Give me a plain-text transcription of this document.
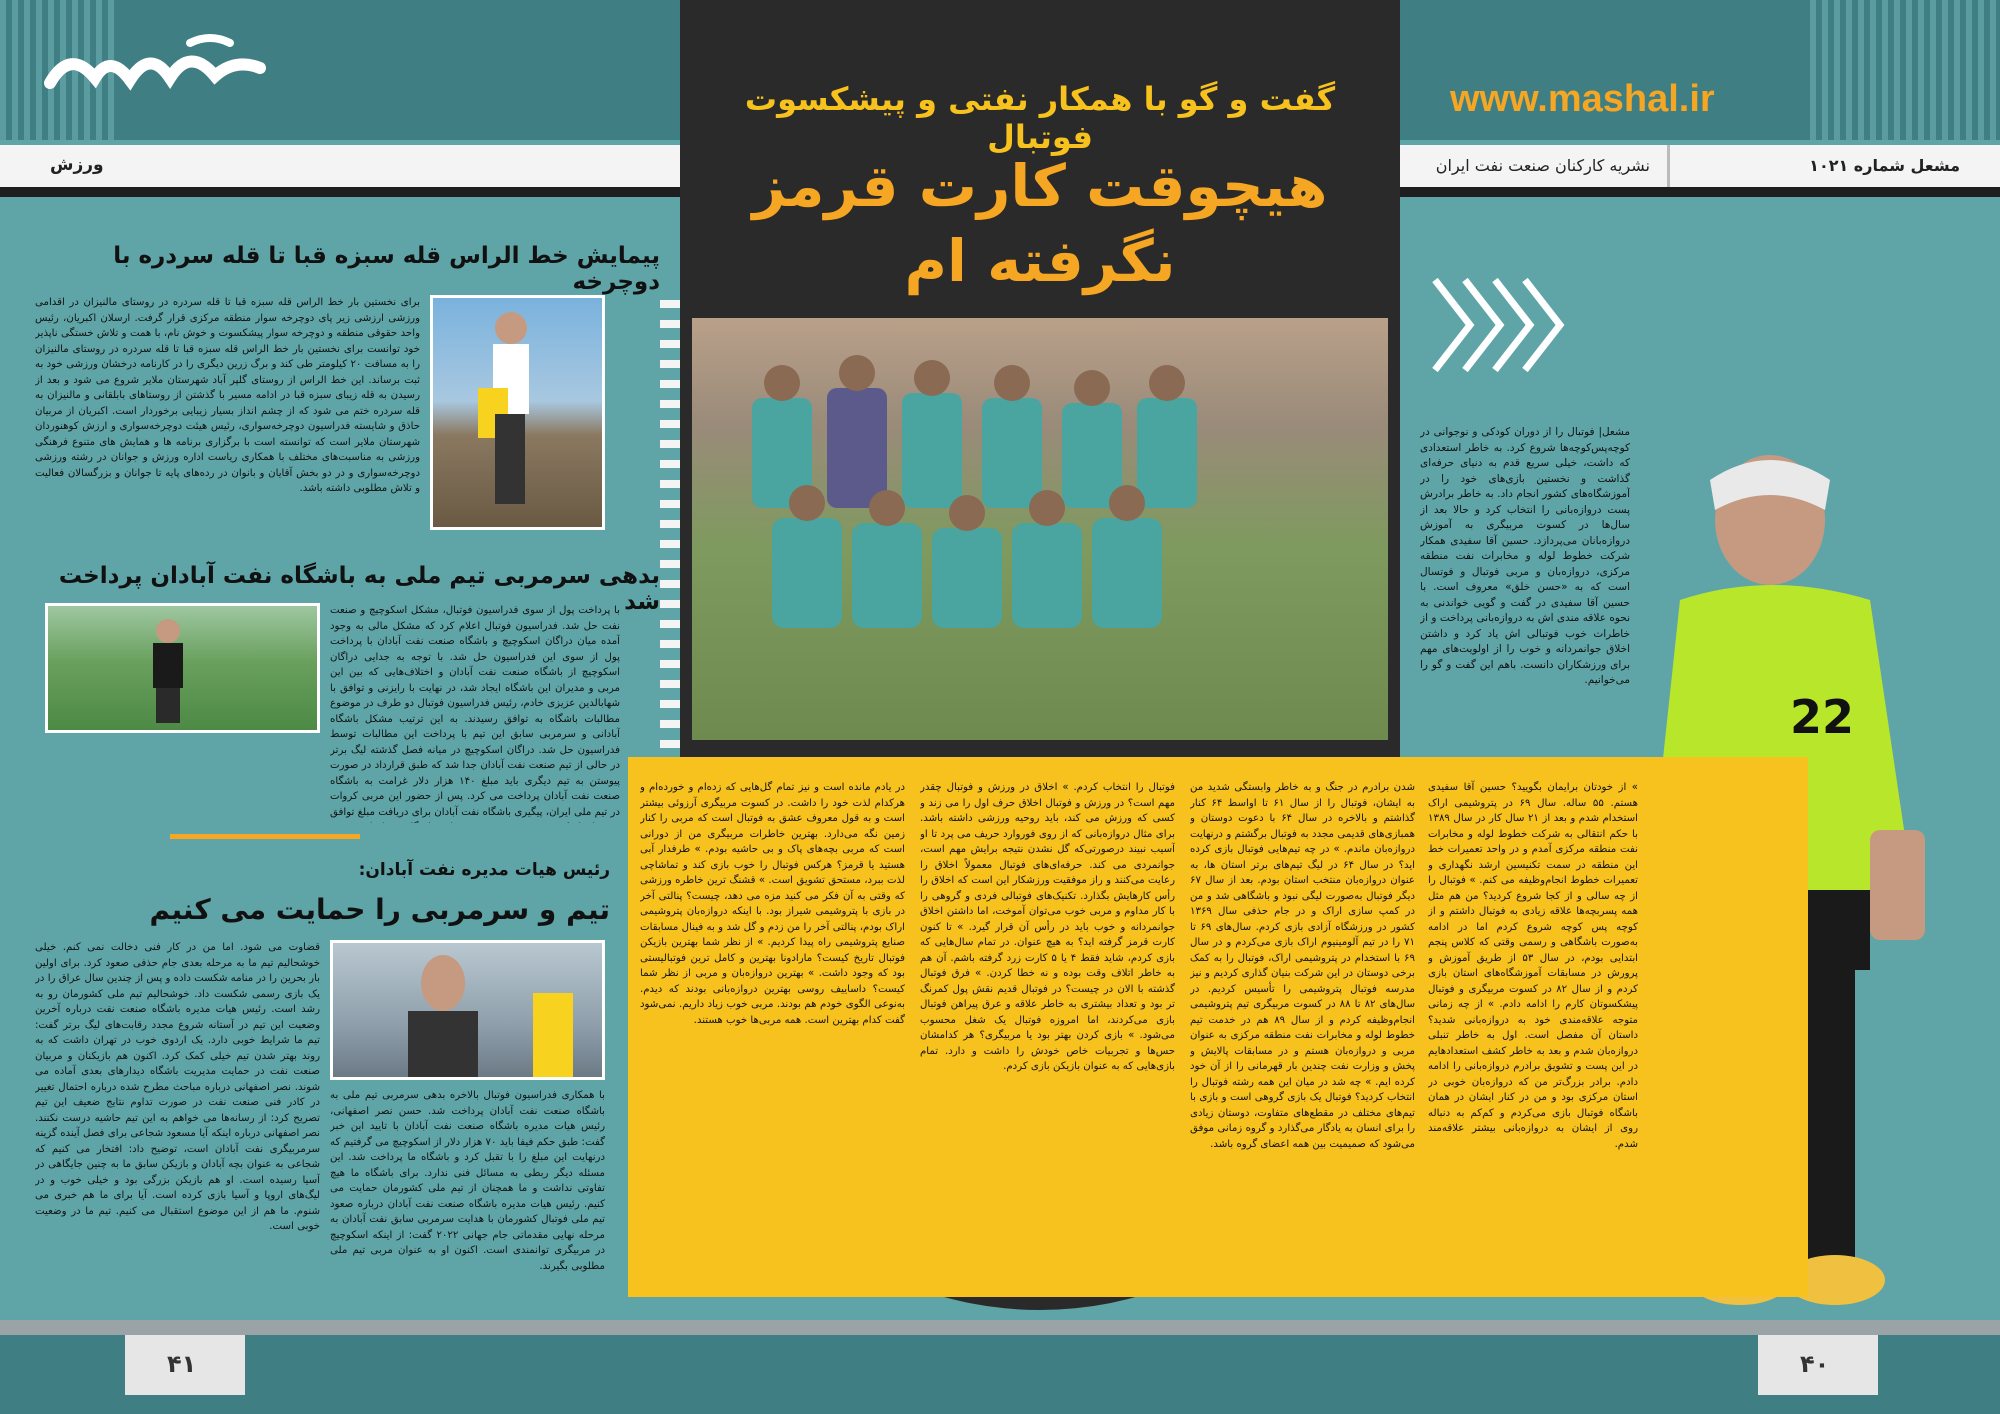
ورزش	مشعل شماره ۱۰۲۱
نشریه کارکنان صنعت نفت ایران
www.mashal.ir
گفت و گو با همکار نفتی و پیشکسوت فوتبال
هیچوقت کارت قرمز
نگرفته ام
مشعل| فوتبال را از دوران کودکی و نوجوانی در کوچه‌پس‌کوچه‌ها شروع کرد. به خاطر استعدادی که داشت، خیلی سریع قدم به دنیای حرفه‌ای گذاشت و نخستین بازی‌های خود را در آموزشگاه‌های کشور انجام داد. به خاطر برادرش پست دروازه‌بانی را انتخاب کرد و حالا بعد از سال‌ها در کسوت مربیگری به آموزش دروازه‌بانان می‌پردازد. حسین آقا سفیدی همکار شرکت خطوط لوله و مخابرات نفت منطقه مرکزی، دروازه‌بان و مربی فوتبال و فوتسال است که به «حسن خلق» معروف است. با حسین آقا سفیدی در گفت و گویی خواندنی به نحوه علاقه مندی اش به دروازه‌بانی پرداخت و از خاطرات خوب فوتبالی اش یاد کرد و داشتن اخلاق جوانمردانه و خوب را از اولویت‌های مهم برای ورزشکاران دانست. باهم این گفت و گو را می‌خوانیم.
22
» از خودتان برایمان بگویید؟ حسین آقا سفیدی هستم. ۵۵ ساله. سال ۶۹ در پتروشیمی اراک استخدام شدم و بعد از ۲۱ سال کار در سال ۱۳۸۹ با حکم انتقالی به شرکت خطوط لوله و مخابرات نفت منطقه مرکزی آمدم و در واحد تعمیرات خط این منطقه در سمت تکنیسین ارشد نگهداری و تعمیرات خطوط انجام‌وظیفه می کنم. » فوتبال را از چه سالی و از کجا شروع کردید؟ من هم مثل همه پسربچه‌ها علاقه زیادی به فوتبال داشتم و از کوچه پس کوچه شروع کردم اما در ادامه به‌صورت باشگاهی و رسمی وقتی که کلاس پنجم ابتدایی بودم، در سال ۵۳ از طریق آموزش و پرورش در مسابقات آموزشگاه‌های استان بازی کردم و از سال ۸۲ در کسوت مربیگری و فوتبال پیشکسوتان کارم را ادامه دادم. » از چه زمانی متوجه علاقه‌مندی خود به دروازه‌بانی شدید؟ داستان آن مفصل است. اول به خاطر تنبلی دروازه‌بان شدم و بعد به خاطر کشف استعدادهایم در این پست و تشویق برادرم دروازه‌بانی را ادامه دادم. برادر بزرگ‌تر من که دروازه‌بان خوبی در استان مرکزی بود و من در کنار ایشان در همان باشگاه فوتبال بازی می‌کردم و کم‌کم به دنباله روی از ایشان به دروازه‌بانی بیشتر علاقه‌مند شدم.
شدن برادرم در جنگ و به خاطر وابستگی شدید من به ایشان، فوتبال را از سال ۶۱ تا اواسط ۶۴ کنار گذاشتم و بالاخره در سال ۶۴ با دعوت دوستان و همبازی‌های قدیمی مجدد به فوتبال برگشتم و درنهایت دروازه‌بان ماندم. » در چه تیم‌هایی فوتبال بازی کرده اید؟ در سال ۶۴ در لیگ تیم‌های برتر استان ها، به عنوان دروازه‌بان منتخب استان بودم. بعد از سال ۶۷ دیگر فوتبال به‌صورت لیگی نبود و باشگاهی شد و من در کمپ سازی اراک و در جام حذفی سال ۱۳۶۹ کشور در ورزشگاه آزادی بازی کردم. سال‌های ۶۹ تا ۷۱ را در تیم آلومینیوم اراک بازی می‌کردم و در سال ۶۹ با استخدام در پتروشیمی اراک، فوتبال را به کمک برخی دوستان در این شرکت بنیان گذاری کردیم و نیز مدرسه فوتبال پتروشیمی را تأسیس کردیم. در سال‌های ۸۲ تا ۸۸ در کسوت مربیگری تیم پتروشیمی انجام‌وظیفه کردم و از سال ۸۹ هم در خدمت تیم خطوط لوله و مخابرات نفت منطقه مرکزی به عنوان مربی و دروازه‌بان هستم و در مسابقات پالایش و پخش و وزارت نفت چندین بار قهرمانی را از آن خود کرده ایم. » چه شد در میان این همه رشته فوتبال را انتخاب کردید؟ فوتبال یک بازی گروهی است و بازی با تیم‌های مختلف در مقطع‌های متفاوت، دوستان زیادی را برای انسان به یادگار می‌گذارد و گروه زمانی موفق می‌شود که صمیمیت بین همه اعضای گروه باشد.
فوتبال را انتخاب کردم. » اخلاق در ورزش و فوتبال چقدر مهم است؟ در ورزش و فوتبال اخلاق حرف اول را می زند و کسی که ورزش می کند، باید روحیه ورزشی داشته باشد. برای مثال دروازه‌بانی که از روی فوروارد حریف می پرد تا او آسیب نبیند درصورتی‌که گل نشدن نتیجه برایش مهم است، جوانمردی می کند. حرفه‌ای‌های فوتبال معمولاً اخلاق را رعایت می‌کنند و راز موفقیت ورزشکار این است که اخلاق را رأس کارهایش بگذارد. تکنیک‌های فوتبالی فردی و گروهی را با کار مداوم و مربی خوب می‌توان آموخت، اما داشتن اخلاق جوانمردانه و خوب باید در رأس آن قرار گیرد. » تا کنون کارت قرمز گرفته اید؟ به هیچ عنوان. در تمام سال‌هایی که بازی کردم، شاید فقط ۴ یا ۵ کارت زرد گرفته باشم. آن هم به خاطر اتلاف وقت بوده و نه خطا کردن. » فرق فوتبال گذشته با الان در چیست؟ در فوتبال قدیم نقش پول کمرنگ تر بود و تعداد بیشتری به خاطر علاقه و عرق پیراهن فوتبال بازی می‌کردند، اما امروزه فوتبال یک شغل محسوب می‌شود. » بازی کردن بهتر بود یا مربیگری؟ هر کدامشان حس‌ها و تجربیات خاص خودش را داشت و دارد. تمام بازی‌هایی که به عنوان بازیکن بازی کردم.
در یادم مانده است و نیز تمام گل‌هایی که زده‌ام و خورده‌ام و هرکدام لذت خود را داشت. در کسوت مربیگری آرزوئی بیشتر است و به قول معروف عشق به فوتبال است که مربی را کنار زمین نگه می‌دارد. بهترین خاطرات مربیگری من از دورانی است که مربی بچه‌های پاک و بی حاشیه بودم. » طرفدار آبی هستید یا قرمز؟ هرکس فوتبال را خوب بازی کند و تماشاچی لذت ببرد، مستحق تشویق است. » قشنگ ترین خاطره ورزشی که وقتی به آن فکر می کنید مزه می دهد، چیست؟ پنالتی آخر در بازی با پتروشیمی شیراز بود. با اینکه دروازه‌بان پتروشیمی اراک بودم، پنالتی آخر را من زدم و گل شد و به فینال مسابقات صنایع پتروشیمی راه پیدا کردیم. » از نظر شما بهترین بازیکن فوتبال تاریخ کیست؟ مارادونا بهترین و کامل ترین فوتبالیستی بود که وجود داشت. » بهترین دروازه‌بان و مربی از نظر شما کیست؟ داساییف روسی بهترین دروازه‌بانی بودند که دیدم. به‌نوعی الگوی خودم هم بودند. مربی خوب زیاد داریم. نمی‌شود گفت کدام بهترین است. همه مربی‌ها خوب هستند.
پیمایش خط الراس قله سبزه قبا تا قله سردره با دوچرخه
برای نخستین بار خط الراس قله سبزه قبا تا قله سردره در روستای مالنیزان در اقدامی ورزشی ارزشی زیر پای دوچرخه سوار منطقه مرکزی قرار گرفت. ارسلان اکبریان، رئیس واحد حقوقی منطقه و دوچرخه سوار پیشکسوت و خوش نام، با همت و تلاش خستگی ناپذیر خود توانست برای نخستین بار خط الراس قله سبزه قبا تا قله سردره در روستای مالنیزان را به مسافت ۲۰ کیلومتر طی کند و برگ زرین دیگری را در کارنامه درخشان ورزشی خود به ثبت برساند. این خط الراس از روستای گلپر آباد شهرستان ملایر شروع می شود و بعد از رسیدن به قله زیبای سبزه قبا در ادامه مسیر با گذشتن از روستاهای بابلقانی و مالنیزان به قله سردره ختم می شود که از چشم انداز بسیار زیبایی برخوردار است. اکبریان از مربیان حاذق و شایسته فدراسیون دوچرخه‌سواری، رئیس هیئت دوچرخه‌سواری و ارزش کوهنوردان شهرستان ملایر است که توانسته است با برگزاری برنامه ها و همایش های متنوع فرهنگی ورزشی به مناسبت‌های مختلف با همکاری ریاست اداره ورزش و جوانان در رشته ورزشی دوچرخه‌سواری و در دو بخش آقایان و بانوان در رده‌های پایه تا جوانان و بزرگسالان فعالیت و تلاش مطلوبی داشته باشد.
بدهی سرمربی تیم ملی به باشگاه نفت آبادان پرداخت شد
با پرداخت پول از سوی فدراسیون فوتبال، مشکل اسکوچیچ و صنعت نفت حل شد. فدراسیون فوتبال اعلام کرد که مشکل مالی به وجود آمده میان دراگان اسکوچیچ و باشگاه صنعت نفت آبادان با پرداخت پول از سوی این فدراسیون حل شد. با توجه به جدایی دراگان اسکوچیچ از باشگاه صنعت نفت آبادان و اختلاف‌هایی که بین این مربی و مدیران این باشگاه ایجاد شد، در نهایت با رایزنی و توافق با شهابالدین عزیزی خادم، رئیس فدراسیون فوتبال دو طرف در موضوع مطالبات باشگاه به توافق رسیدند. به این ترتیب مشکل باشگاه آبادانی و سرمربی سابق این تیم با پرداخت این مطالبات توسط فدراسیون حل شد. دراگان اسکوچیچ در میانه فصل گذشته لیگ برتر در حالی از تیم صنعت نفت آبادان جدا شد که طبق قرارداد در صورت پیوستن به تیم دیگری باید مبلغ ۱۴۰ هزار دلار غرامت به باشگاه صنعت نفت آبادان پرداخت می کرد. پس از حضور این مربی کروات در تیم ملی ایران، پیگیری باشگاه نفت آبادان برای دریافت مبلغ توافق
رئیس هیات مدیره نفت آبادان:
تیم و سرمربی را حمایت می کنیم
قضاوت می شود. اما من در کار فنی دخالت نمی کنم. خیلی خوشحالیم تیم ما به مرحله بعدی جام حذفی صعود کرد. برای اولین بار بحرین را در منامه شکست داده و پس از چندین سال عراق را در یک بازی رسمی شکست داد. خوشحالیم تیم ملی کشورمان رو به رشد است. رئیس هیات مدیره باشگاه صنعت نفت درباره آخرین وضعیت این تیم در آستانه شروع مجدد رقابت‌های لیگ برتر گفت: تیم ما شرایط خوبی دارد. یک اردوی خوب در تهران داشت که به روند بهتر شدن تیم خیلی کمک کرد. اکنون هم بازیکنان و مربیان صنعت نفت در حمایت مدیریت باشگاه دیدارهای بعدی آماده می شوند. نصر اصفهانی درباره مباحث مطرح شده درباره احتمال تغییر در کادر فنی صنعت نفت در صورت تداوم نتایج ضعیف این تیم تصریح کرد: از رسانه‌ها می خواهم به این تیم حاشیه درست نکنند. نصر اصفهانی درباره اینکه آیا مسعود شجاعی برای فصل آینده گزینه سرمربیگری نفت آبادان است، توضیح داد: افتخار می کنیم که شجاعی به عنوان بچه آبادان و بازیکن سابق ما به چنین جایگاهی در آسیا رسیده است. او هم بازیکن بزرگی بود و خیلی خوب و در لیگ‌های اروپا و آسیا بازی کرده است. آیا برای ما هم خبری می شنوم. ما هم از این موضوع استقبال می کنیم. تیم ما در وضعیت خوبی است.
با همکاری فدراسیون فوتبال بالاخره بدهی سرمربی تیم ملی به باشگاه صنعت نفت آبادان پرداخت شد. حسن نصر اصفهانی، رئیس هیات مدیره باشگاه صنعت نفت آبادان با تایید این خبر گفت: طبق حکم فیفا باید ۷۰ هزار دلار از اسکوچیچ می گرفتیم که درنهایت این مبلغ را با تقبل کرد و باشگاه ما پرداخت شد. این مسئله دیگر ربطی به مسائل فنی ندارد. برای باشگاه ما هیچ تفاوتی نداشت و ما همچنان از تیم ملی کشورمان حمایت می کنیم. رئیس هیات مدیره باشگاه صنعت نفت آبادان درباره صعود تیم ملی فوتبال کشورمان با هدایت سرمربی سابق نفت آبادان به مرحله نهایی مقدماتی جام جهانی ۲۰۲۲ گفت: از اینکه اسکوچیچ در مربیگری توانمندی است. اکنون او به عنوان مربی تیم ملی مطلوبی بگیرند.
۴۱	۴۰
